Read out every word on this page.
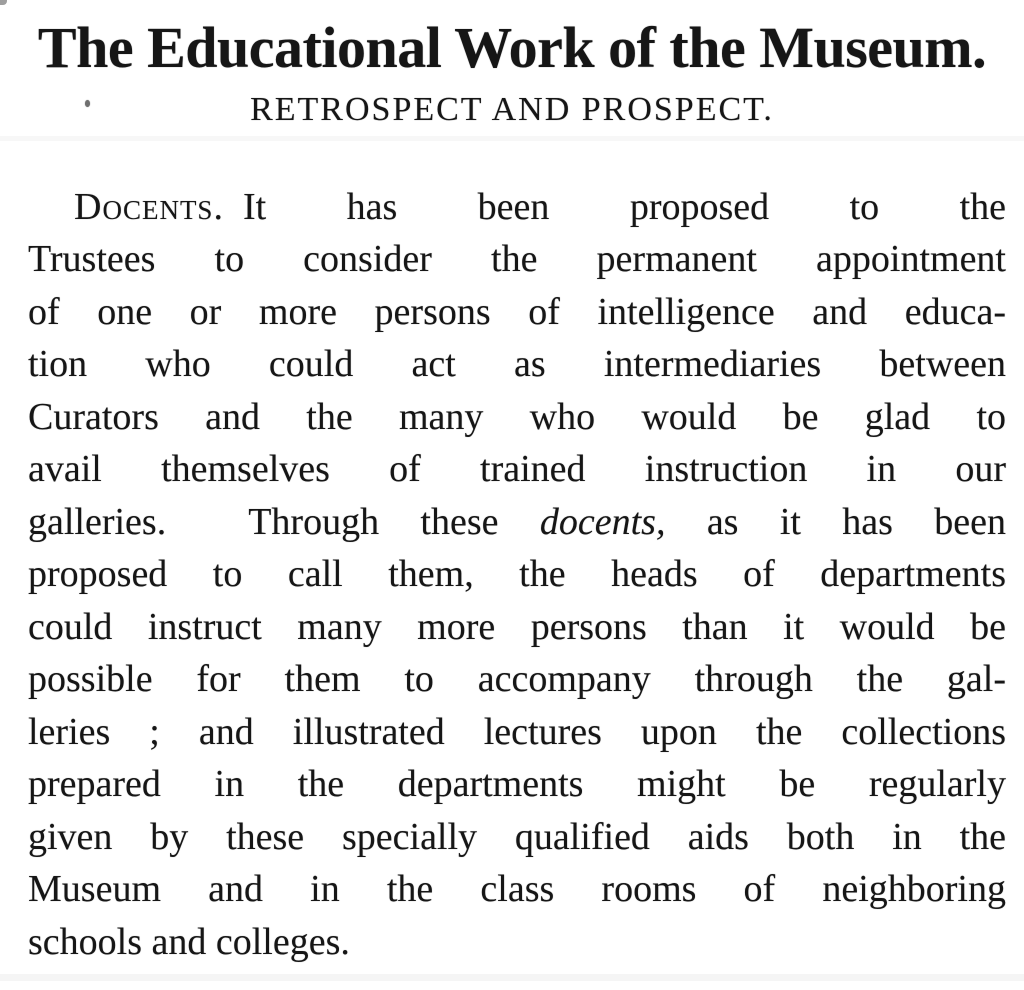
The Educational Work of the Museum.
RETROSPECT AND PROSPECT.
Docents. It has been proposed to the
Trustees to consider the permanent appointment
of one or more persons of intelligence and educa-
tion who could act as intermediaries between
Curators and the many who would be glad to
avail themselves of trained instruction in our
galleries.  Through these docents, as it has been
proposed to call them, the heads of departments
could instruct many more persons than it would be
possible for them to accompany through the gal-
leries ; and illustrated lectures upon the collections
prepared in the departments might be regularly
given by these specially qualified aids both in the
Museum and in the class rooms of neighboring
schools and colleges.
